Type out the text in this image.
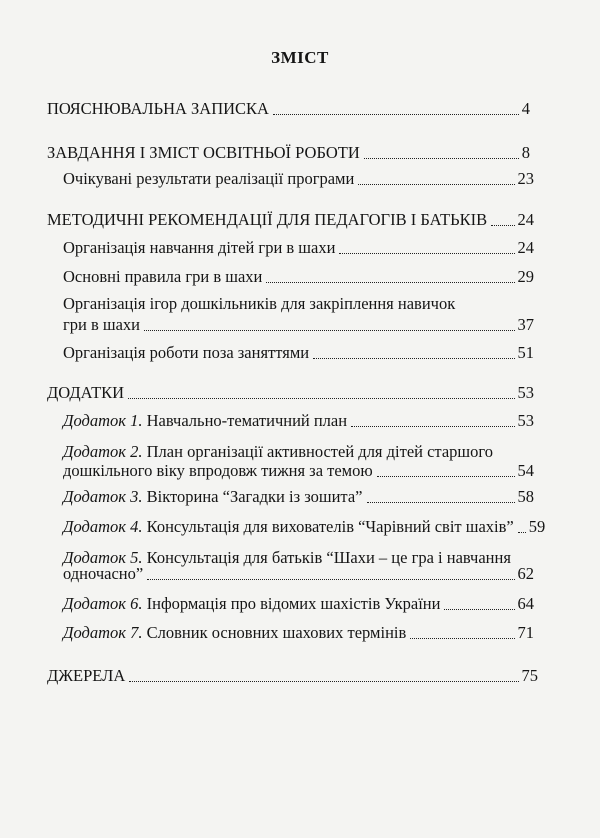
ЗМІСТ
ПОЯСНЮВАЛЬНА ЗАПИСКА	4
ЗАВДАННЯ І ЗМІСТ ОСВІТНЬОЇ РОБОТИ	8
Очікувані результати реалізації програми	23
МЕТОДИЧНІ РЕКОМЕНДАЦІЇ ДЛЯ ПЕДАГОГІВ І БАТЬКІВ 24
Організація навчання дітей гри в шахи	24
Основні правила гри в шахи	29
Організація ігор дошкільників для закріплення навичок
гри в шахи	37
Організація роботи поза заняттями	51
ДОДАТКИ	53
Додаток 1. Навчально-тематичний план	53
Додаток 2. План організації активностей для дітей старшого
дошкільного віку впродовж тижня за темою	54
Додаток 3. Вікторина “Загадки із зошита”	58
Додаток 4. Консультація для вихователів “Чарівний світ шахів” 59
Додаток 5. Консультація для батьків “Шахи – це гра і навчання
одночасно”	62
Додаток 6. Інформація про відомих шахістів України	64
Додаток 7. Словник основних шахових термінів	71
ДЖЕРЕЛА	75
